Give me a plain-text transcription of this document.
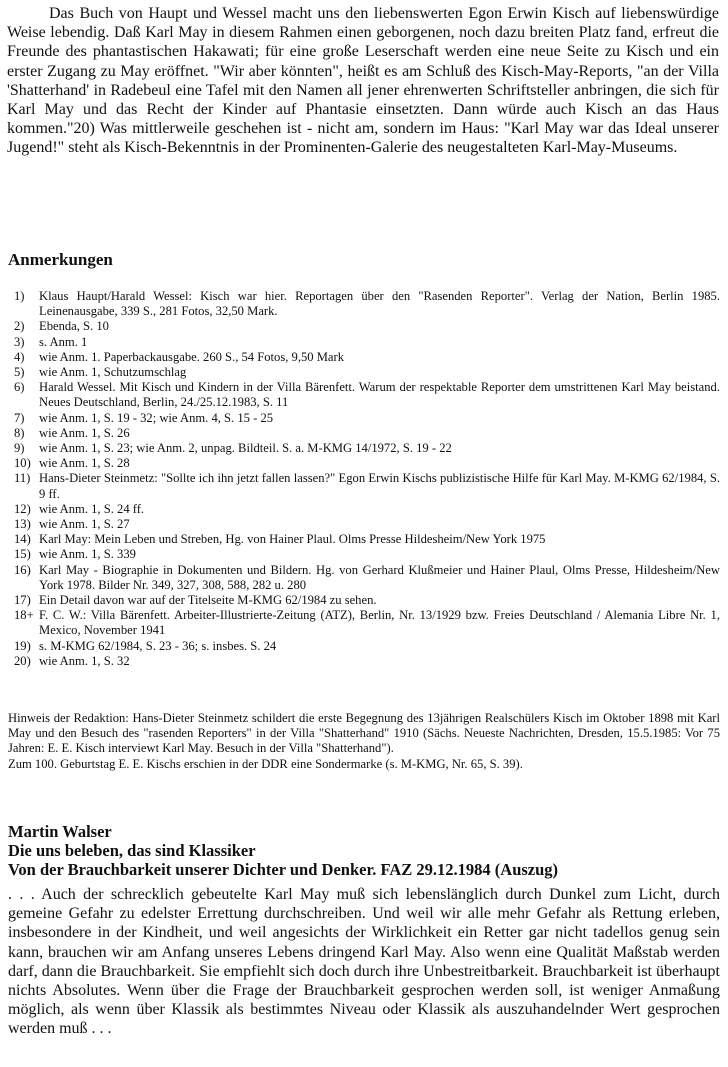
Das Buch von Haupt und Wessel macht uns den liebenswerten Egon Erwin Kisch auf liebenswürdige Weise lebendig. Daß Karl May in diesem Rahmen einen geborgenen, noch dazu breiten Platz fand, erfreut die Freunde des phantastischen Hakawati; für eine große Leserschaft werden eine neue Seite zu Kisch und ein erster Zugang zu May eröffnet. "Wir aber könnten", heißt es am Schluß des Kisch-May-Reports, "an der Villa 'Shatterhand' in Radebeul eine Tafel mit den Namen all jener ehrenwerten Schriftsteller anbringen, die sich für Karl May und das Recht der Kinder auf Phantasie einsetzten. Dann würde auch Kisch an das Haus kommen."20) Was mittlerweile geschehen ist - nicht am, sondern im Haus: "Karl May war das Ideal unserer Jugend!" steht als Kisch-Bekenntnis in der Prominenten-Galerie des neugestalteten Karl-May-Museums.

Anmerkungen
1)	Klaus Haupt/Harald Wessel: Kisch war hier. Reportagen über den "Rasenden Reporter". Verlag der Nation, Berlin 1985. Leinenausgabe, 339 S., 281 Fotos, 32,50 Mark.
2)	Ebenda, S. 10
3)	s. Anm. 1
4)	wie Anm. 1. Paperbackausgabe. 260 S., 54 Fotos, 9,50 Mark
5)	wie Anm. 1, Schutzumschlag
6)	Harald Wessel. Mit Kisch und Kindern in der Villa Bärenfett. Warum der respektable Reporter dem umstrittenen Karl May beistand. Neues Deutschland, Berlin, 24./25.12.1983, S. 11
7)	wie Anm. 1, S. 19 - 32; wie Anm. 4, S. 15 - 25
8)	wie Anm. 1, S. 26
9)	wie Anm. 1, S. 23; wie Anm. 2, unpag. Bildteil. S. a. M-KMG 14/1972, S. 19 - 22
10) wie Anm. 1, S. 28
11) Hans-Dieter Steinmetz: "Sollte ich ihn jetzt fallen lassen?" Egon Erwin Kischs publizistische Hilfe für Karl May. M-KMG 62/1984, S. 9 ff.
12) wie Anm. 1, S. 24 ff.
13) wie Anm. 1, S. 27
14) Karl May: Mein Leben und Streben, Hg. von Hainer Plaul. Olms Presse Hildesheim/New York 1975
15) wie Anm. 1, S. 339
16) Karl May - Biographie in Dokumenten und Bildern. Hg. von Gerhard Klußmeier und Hainer Plaul, Olms Presse, Hildesheim/New York 1978. Bilder Nr. 349, 327, 308, 588, 282 u. 280
17) Ein Detail davon war auf der Titelseite M-KMG 62/1984 zu sehen.
18+ F. C. W.: Villa Bärenfett. Arbeiter-Illustrierte-Zeitung (ATZ), Berlin, Nr. 13/1929 bzw. Freies Deutschland / Alemania Libre Nr. 1, Mexico, November 1941
19) s. M-KMG 62/1984, S. 23 - 36; s. insbes. S. 24
20) wie Anm. 1, S. 32

Hinweis der Redaktion: Hans-Dieter Steinmetz schildert die erste Begegnung des 13jährigen Realschülers Kisch im Oktober 1898 mit Karl May und den Besuch des "rasenden Reporters" in der Villa "Shatterhand" 1910 (Sächs. Neueste Nachrichten, Dresden, 15.5.1985: Vor 75 Jahren: E. E. Kisch interviewt Karl May. Besuch in der Villa "Shatterhand").

Zum 100. Geburtstag E. E. Kischs erschien in der DDR eine Sondermarke (s. M-KMG, Nr. 65, S. 39).

Martin Walser
Die uns beleben, das sind Klassiker
Von der Brauchbarkeit unserer Dichter und Denker. FAZ 29.12.1984 (Auszug)

. . . Auch der schrecklich gebeutelte Karl May muß sich lebenslänglich durch Dunkel zum Licht, durch gemeine Gefahr zu edelster Errettung durchschreiben. Und weil wir alle mehr Gefahr als Rettung erleben, insbesondere in der Kindheit, und weil angesichts der Wirklichkeit ein Retter gar nicht tadellos genug sein kann, brauchen wir am Anfang unseres Lebens dringend Karl May. Also wenn eine Qualität Maßstab werden darf, dann die Brauchbarkeit. Sie empfiehlt sich doch durch ihre Unbestreitbarkeit. Brauchbarkeit ist überhaupt nichts Absolutes. Wenn über die Frage der Brauchbarkeit gesprochen werden soll, ist weniger Anmaßung möglich, als wenn über Klassik als bestimmtes Niveau oder Klassik als auszuhandelnder Wert gesprochen werden muß . . .
